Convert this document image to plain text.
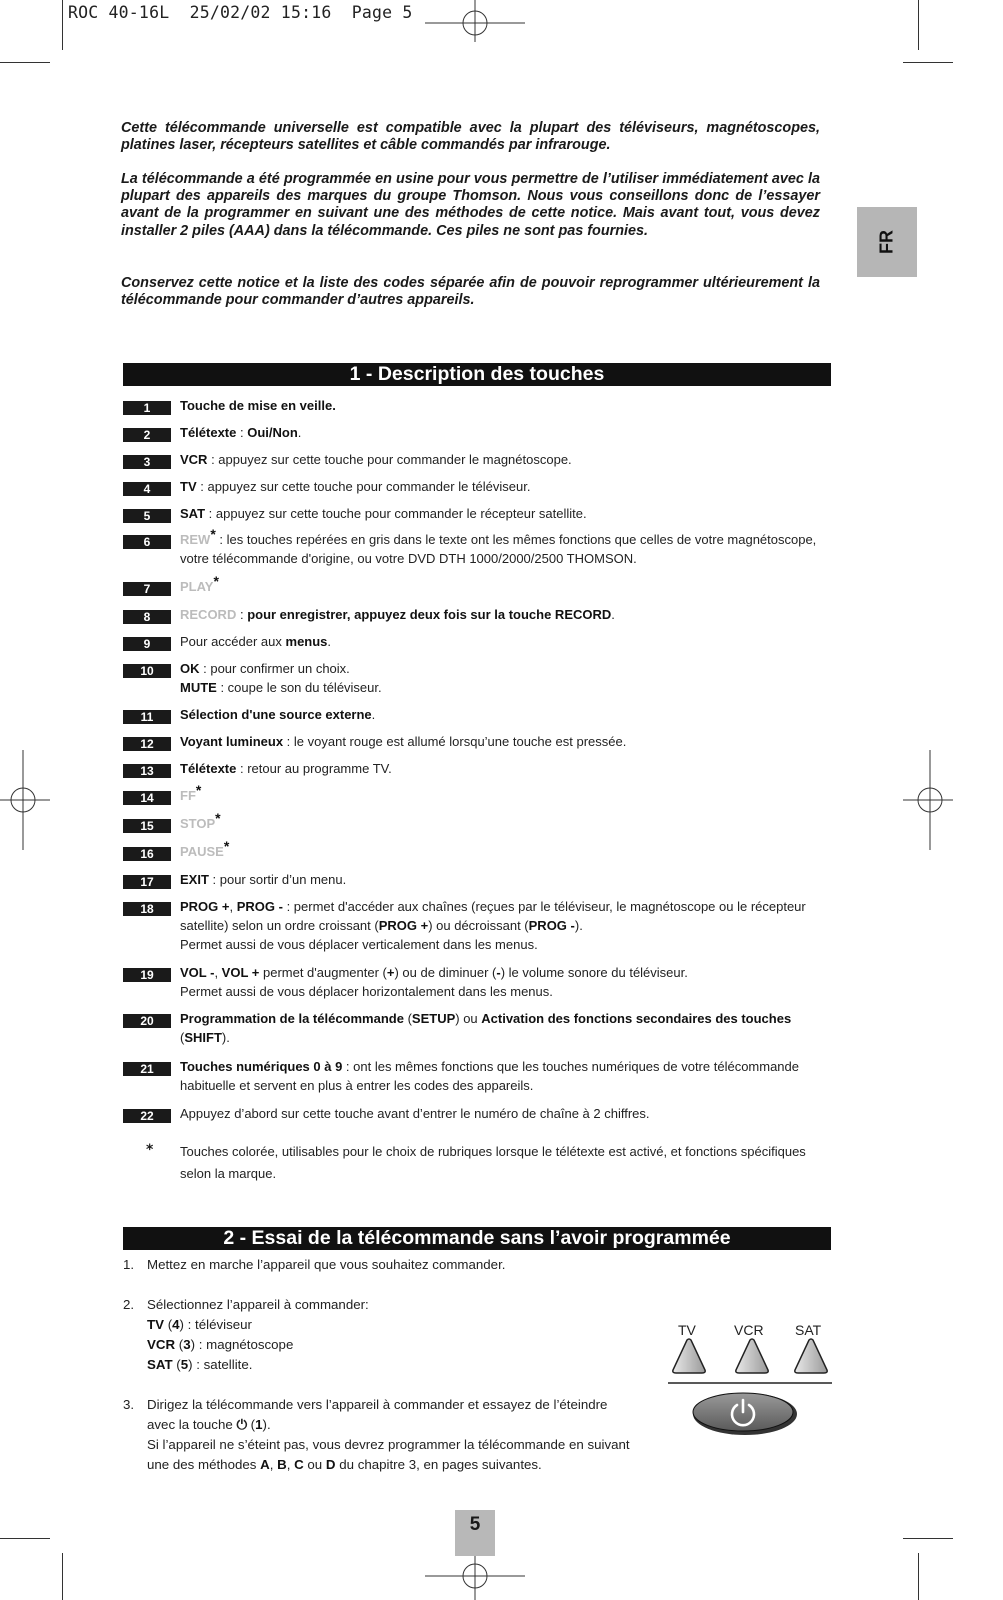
ROC 40-16L  25/02/02 15:16  Page 5
Cette télécommande universelle est compatible avec la plupart des téléviseurs, magnétoscopes, platines laser, récepteurs satellites et câble commandés par infrarouge.
La télécommande a été programmée en usine pour vous permettre de l’utiliser immédiatement avec la plupart des appareils des marques du groupe Thomson. Nous vous conseillons donc de l’essayer avant de la programmer en suivant une des méthodes de cette notice. Mais avant tout, vous devez installer 2 piles (AAA) dans la télécommande. Ces piles ne sont pas fournies.
Conservez cette notice et la liste des codes séparée afin de pouvoir reprogrammer ultérieurement la télécommande pour commander d’autres appareils.
FR
1 - Description des touches
1	Touche de mise en veille.
2	Télétexte : Oui/Non.
3	VCR : appuyez sur cette touche pour commander le magnétoscope.
4	TV : appuyez sur cette touche pour commander le téléviseur.
5	SAT : appuyez sur cette touche pour commander le récepteur satellite.
6	REW* : les touches repérées en gris dans le texte ont les mêmes fonctions que celles de votre magnétoscope, votre télécommande d'origine, ou votre DVD DTH 1000/2000/2500 THOMSON.
7	PLAY*
8	RECORD : pour enregistrer, appuyez deux fois sur la touche RECORD.
9	Pour accéder aux menus.
10	OK : pour confirmer un choix.
MUTE : coupe le son du téléviseur.
11	Sélection d'une source externe.
12	Voyant lumineux : le voyant rouge est allumé lorsqu’une touche est pressée.
13	Télétexte : retour au programme TV.
14	FF*
15	STOP*
16	PAUSE*
17	EXIT : pour sortir d’un menu.
18	PROG +, PROG - : permet d'accéder aux chaînes (reçues par le téléviseur, le magnétoscope ou le récepteur satellite) selon un ordre croissant (PROG +) ou décroissant (PROG -).
Permet aussi de vous déplacer verticalement dans les menus.
19	VOL -, VOL + permet d'augmenter (+) ou de diminuer (-) le volume sonore du téléviseur.
Permet aussi de vous déplacer horizontalement dans les menus.
20	Programmation de la télécommande (SETUP) ou Activation des fonctions secondaires des touches (SHIFT).
21	Touches numériques 0 à 9 : ont les mêmes fonctions que les touches numériques de votre télécommande habituelle et servent en plus à entrer les codes des appareils.
22	Appuyez d’abord sur cette touche avant d’entrer le numéro de chaîne à 2 chiffres.
* Touches colorée, utilisables pour le choix de rubriques lorsque le télétexte est activé, et fonctions spécifiques selon la marque.
2 - Essai de la télécommande sans l’avoir programmée
1. Mettez en marche l’appareil que vous souhaitez commander.
2. Sélectionnez l’appareil à commander:
TV (4) : téléviseur
VCR (3) : magnétoscope
SAT (5) : satellite.
3. Dirigez la télécommande vers l’appareil à commander et essayez de l’éteindre
avec la touche ⏻ (1).
Si l’appareil ne s’éteint pas, vous devrez programmer la télécommande en suivant
une des méthodes A, B, C ou D du chapitre 3, en pages suivantes.
TV	VCR SAT
5
